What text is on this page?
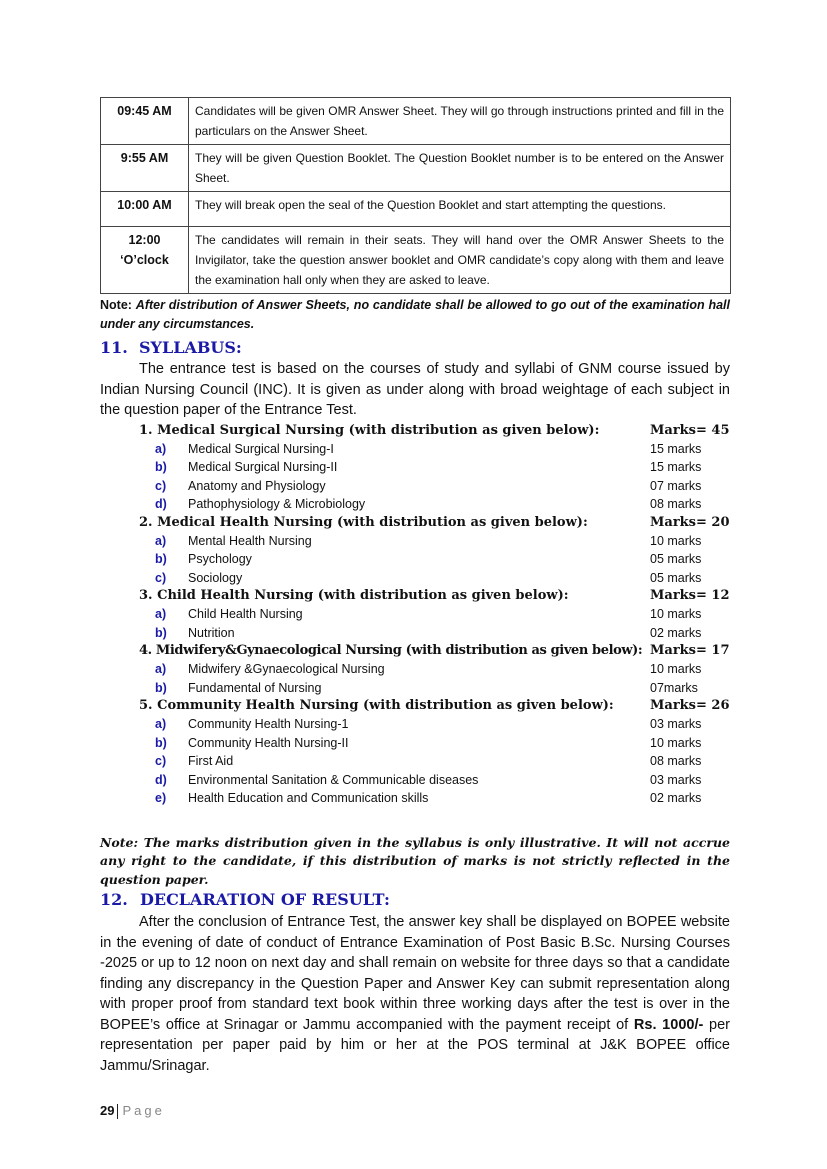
09:45 AM	Candidates will be given OMR Answer Sheet. They will go through instructions printed and fill in the particulars on the Answer Sheet.
9:55 AM	They will be given Question Booklet. The Question Booklet number is to be entered on the Answer Sheet.
10:00 AM	They will break open the seal of the Question Booklet and start attempting the questions.
12:00 ‘O’clock	The candidates will remain in their seats. They will hand over the OMR Answer Sheets to the Invigilator, take the question answer booklet and OMR candidate’s copy along with them and leave the examination hall only when they are asked to leave.
Note: After distribution of Answer Sheets, no candidate shall be allowed to go out of the examination hall under any circumstances.
11. SYLLABUS:
The entrance test is based on the courses of study and syllabi of GNM course issued by Indian Nursing Council (INC). It is given as under along with broad weightage of each subject in the question paper of the Entrance Test.
1. Medical Surgical Nursing (with distribution as given below):	Marks= 45
a)	Medical Surgical Nursing-I	15 marks
b)	Medical Surgical Nursing-II	15 marks
c)	Anatomy and Physiology	07 marks
d)	Pathophysiology & Microbiology	08 marks
2. Medical Health Nursing (with distribution as given below):	Marks= 20
a)	Mental Health Nursing	10 marks
b)	Psychology	05 marks
c)	Sociology	05 marks
3. Child Health Nursing (with distribution as given below):	Marks= 12
a)	Child Health Nursing	10 marks
b)	Nutrition	02 marks
4. Midwifery&Gynaecological Nursing (with distribution as given below): Marks= 17
a)	Midwifery &Gynaecological Nursing	10 marks
b)	Fundamental of Nursing	07marks
5. Community Health Nursing (with distribution as given below):	Marks= 26
a)	Community Health Nursing-1	03 marks
b)	Community Health Nursing-II	10 marks
c)	First Aid	08 marks
d)	Environmental Sanitation & Communicable diseases	03 marks
e)	Health Education and Communication skills	02 marks
Note: The marks distribution given in the syllabus is only illustrative. It will not accrue any right to the candidate, if this distribution of marks is not strictly reflected in the question paper.
12. DECLARATION OF RESULT:
After the conclusion of Entrance Test, the answer key shall be displayed on BOPEE website in the evening of date of conduct of Entrance Examination of Post Basic B.Sc. Nursing Courses -2025 or up to 12 noon on next day and shall remain on website for three days so that a candidate finding any discrepancy in the Question Paper and Answer Key can submit representation along with proper proof from standard text book within three working days after the test is over in the BOPEE’s office at Srinagar or Jammu accompanied with the payment receipt of Rs. 1000/- per representation per paper paid by him or her at the POS terminal at J&K BOPEE office Jammu/Srinagar.
29 Page
